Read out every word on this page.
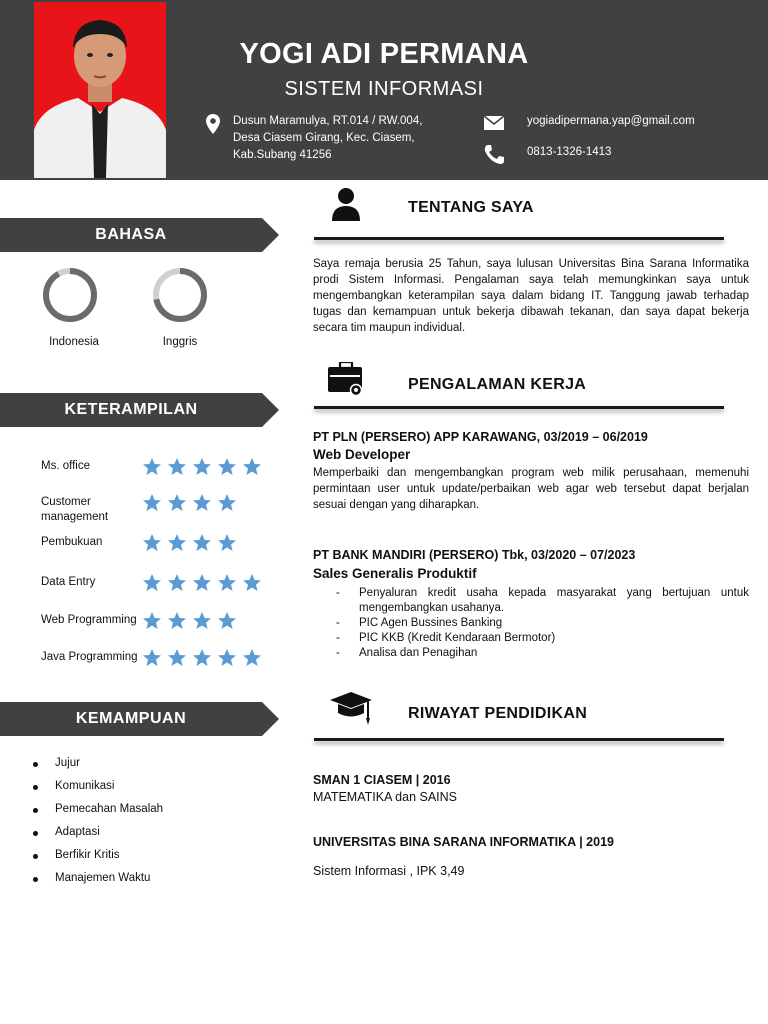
YOGI ADI PERMANA
SISTEM INFORMASI
Dusun Maramulya, RT.014 / RW.004,
Desa Ciasem Girang, Kec. Ciasem,
Kab.Subang 41256
yogiadipermana.yap@gmail.com
0813-1326-1413
BAHASA
Indonesia	Inggris
KETERAMPILAN
Ms. office
Customer management
Pembukuan
Data Entry
Web Programming
Java Programming
KEMAMPUAN
Jujur
Komunikasi
Pemecahan Masalah
Adaptasi
Berfikir Kritis
Manajemen Waktu
TENTANG SAYA
Saya remaja berusia 25 Tahun, saya lulusan Universitas Bina Sarana Informatika prodi Sistem Informasi. Pengalaman saya telah memungkinkan saya untuk mengembangkan keterampilan saya dalam bidang IT. Tanggung jawab terhadap tugas dan kemampuan untuk bekerja dibawah tekanan, dan saya dapat bekerja secara tim maupun individual.
PENGALAMAN KERJA
PT PLN (PERSERO) APP KARAWANG, 03/2019 – 06/2019
Web Developer
Memperbaiki dan mengembangkan program web milik perusahaan, memenuhi permintaan user untuk update/perbaikan web agar web tersebut dapat berjalan sesuai dengan yang diharapkan.
PT BANK MANDIRI (PERSERO) Tbk, 03/2020 – 07/2023
Sales Generalis Produktif
- Penyaluran kredit usaha kepada masyarakat yang bertujuan untuk mengembangkan usahanya.
- PIC Agen Bussines Banking
- PIC KKB (Kredit Kendaraan Bermotor)
- Analisa dan Penagihan
RIWAYAT PENDIDIKAN
SMAN 1 CIASEM | 2016
MATEMATIKA dan SAINS
UNIVERSITAS BINA SARANA INFORMATIKA | 2019
Sistem Informasi , IPK 3,49
